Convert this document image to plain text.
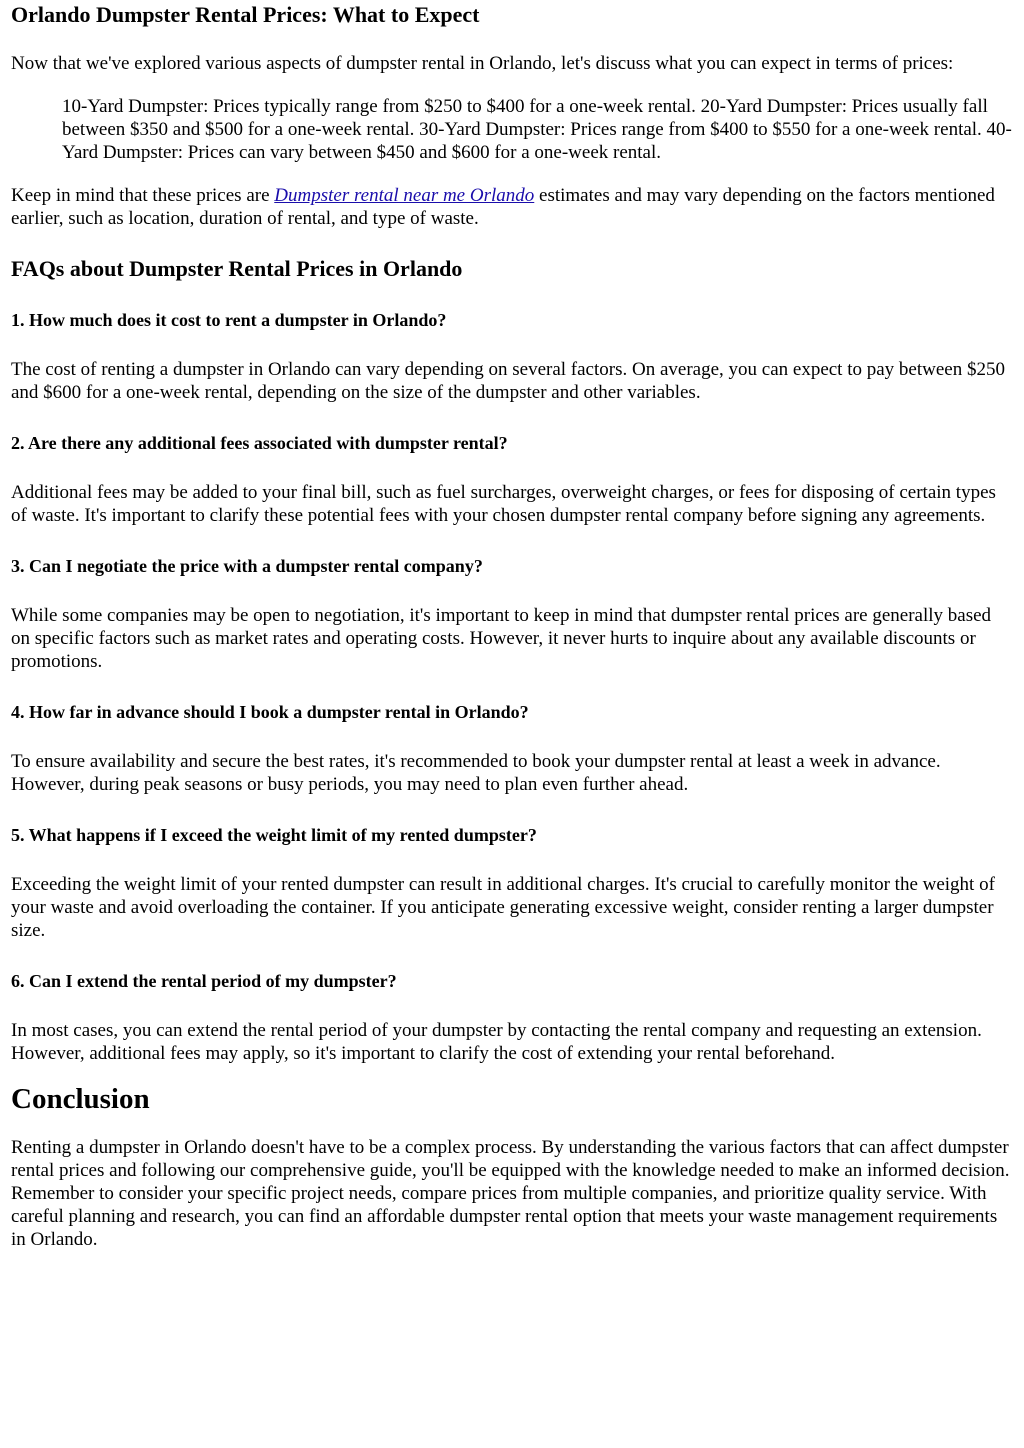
Orlando Dumpster Rental Prices: What to Expect

Now that we've explored various aspects of dumpster rental in Orlando, let's discuss what you can expect in terms of prices:

10-Yard Dumpster: Prices typically range from $250 to $400 for a one-week rental. 20-Yard Dumpster: Prices usually fall between $350 and $500 for a one-week rental. 30-Yard Dumpster: Prices range from $400 to $550 for a one-week rental. 40-Yard Dumpster: Prices can vary between $450 and $600 for a one-week rental.

Keep in mind that these prices are Dumpster rental near me Orlando estimates and may vary depending on the factors mentioned earlier, such as location, duration of rental, and type of waste.

FAQs about Dumpster Rental Prices in Orlando
1. How much does it cost to rent a dumpster in Orlando?

The cost of renting a dumpster in Orlando can vary depending on several factors. On average, you can expect to pay between $250 and $600 for a one-week rental, depending on the size of the dumpster and other variables.

2. Are there any additional fees associated with dumpster rental?

Additional fees may be added to your final bill, such as fuel surcharges, overweight charges, or fees for disposing of certain types of waste. It's important to clarify these potential fees with your chosen dumpster rental company before signing any agreements.

3. Can I negotiate the price with a dumpster rental company?

While some companies may be open to negotiation, it's important to keep in mind that dumpster rental prices are generally based on specific factors such as market rates and operating costs. However, it never hurts to inquire about any available discounts or promotions.

4. How far in advance should I book a dumpster rental in Orlando?

To ensure availability and secure the best rates, it's recommended to book your dumpster rental at least a week in advance. However, during peak seasons or busy periods, you may need to plan even further ahead.

5. What happens if I exceed the weight limit of my rented dumpster?

Exceeding the weight limit of your rented dumpster can result in additional charges. It's crucial to carefully monitor the weight of your waste and avoid overloading the container. If you anticipate generating excessive weight, consider renting a larger dumpster size.

6. Can I extend the rental period of my dumpster?

In most cases, you can extend the rental period of your dumpster by contacting the rental company and requesting an extension. However, additional fees may apply, so it's important to clarify the cost of extending your rental beforehand.

Conclusion

Renting a dumpster in Orlando doesn't have to be a complex process. By understanding the various factors that can affect dumpster rental prices and following our comprehensive guide, you'll be equipped with the knowledge needed to make an informed decision. Remember to consider your specific project needs, compare prices from multiple companies, and prioritize quality service. With careful planning and research, you can find an affordable dumpster rental option that meets your waste management requirements in Orlando.
